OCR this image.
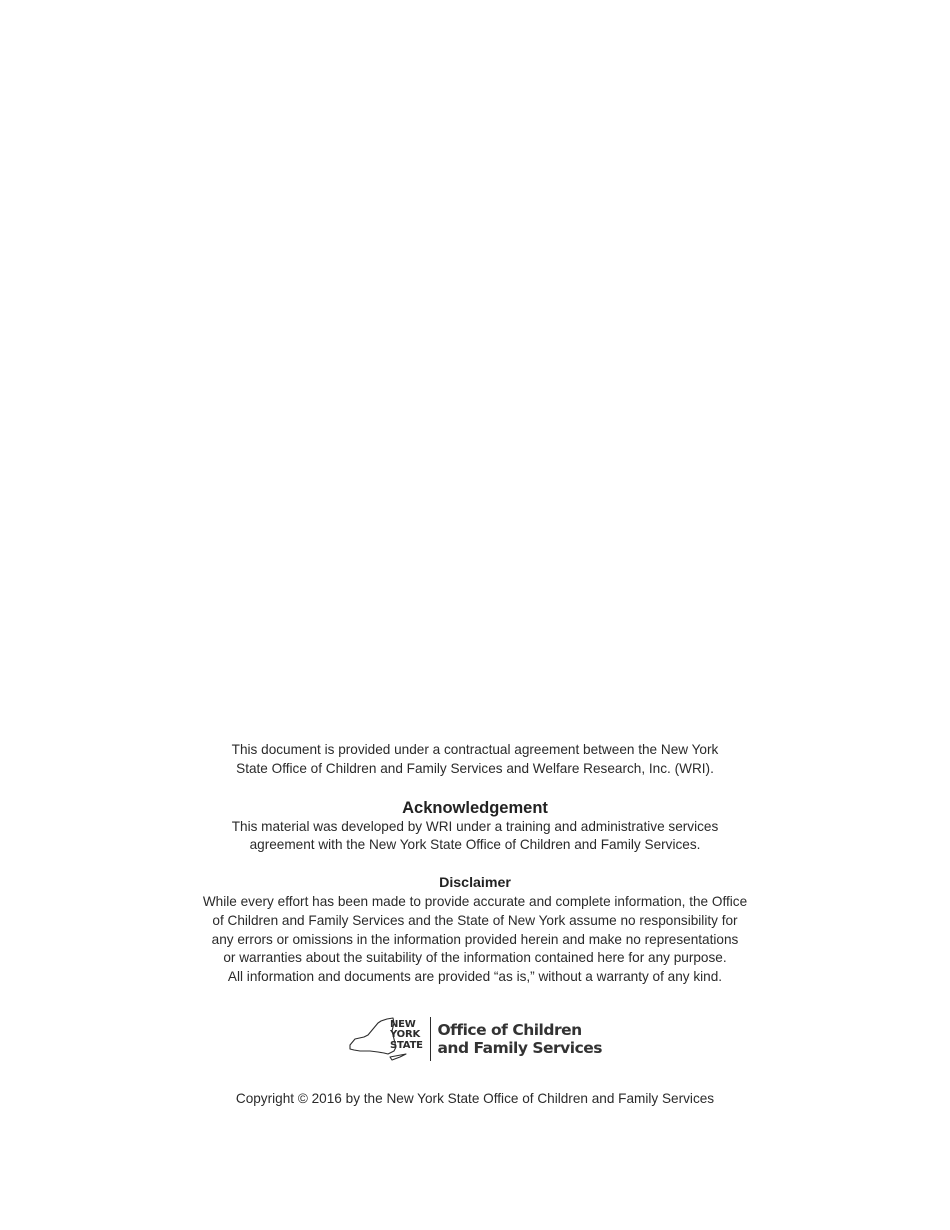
This document is provided under a contractual agreement between the New York
State Office of Children and Family Services and Welfare Research, Inc. (WRI).

Acknowledgement

This material was developed by WRI under a training and administrative services
agreement with the New York State Office of Children and Family Services.

Disclaimer

While every effort has been made to provide accurate and complete information, the Office
of Children and Family Services and the State of New York assume no responsibility for
any errors or omissions in the information provided herein and make no representations
or warranties about the suitability of the information contained here for any purpose.
All information and documents are provided “as is,” without a warranty of any kind.

NEW
YORK
STATE
Office of Children
and Family Services

Copyright © 2016 by the New York State Office of Children and Family Services
